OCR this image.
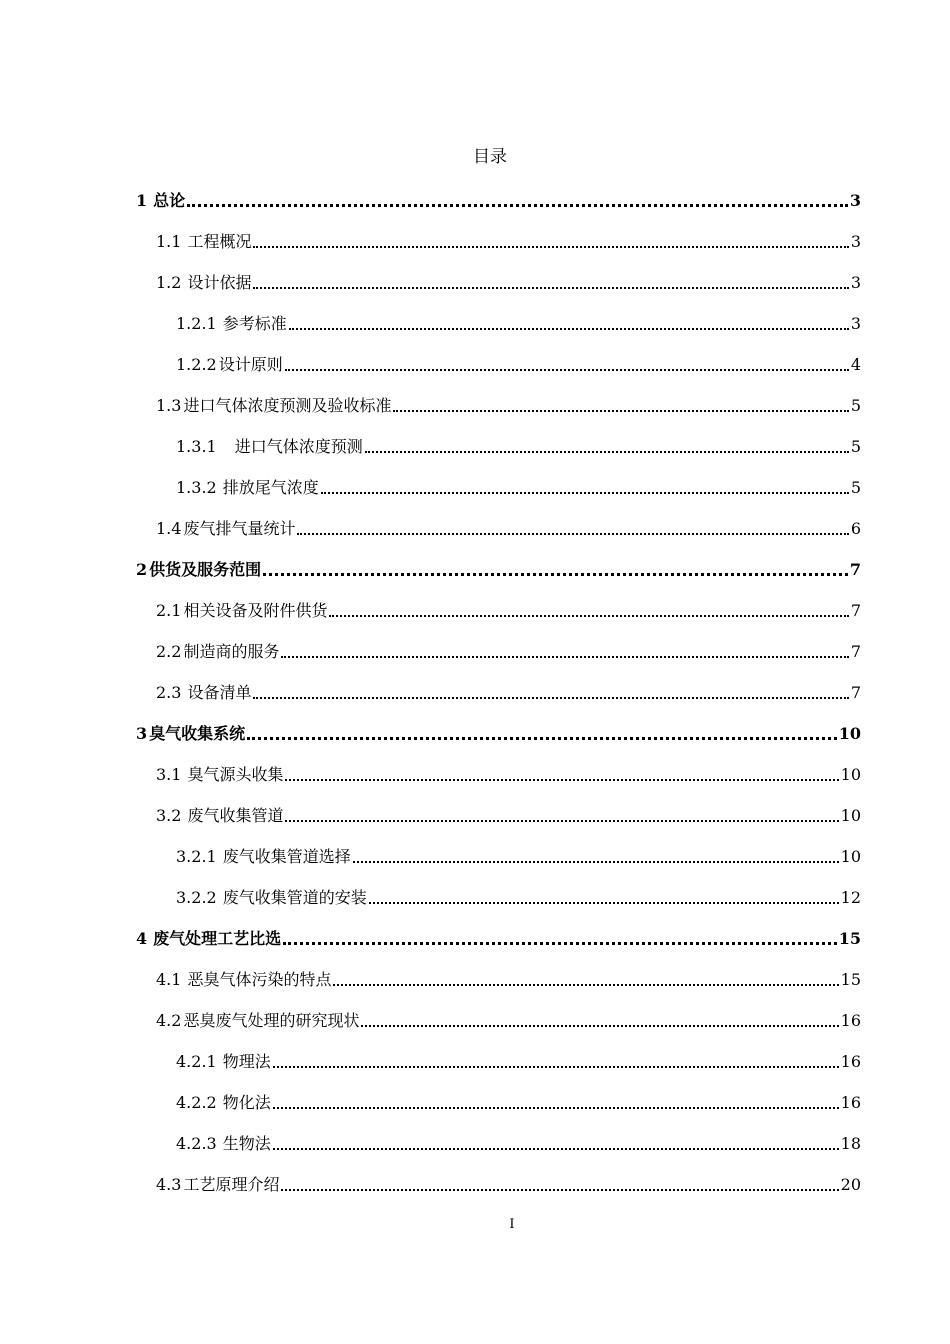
目录
1 总论	3
1.1 工程概况	3
1.2 设计依据	3
1.2.1 参考标准	3
1.2.2 设计原则	4
1.3 进口气体浓度预测及验收标准	5
1.3.1 进口气体浓度预测	5
1.3.2 排放尾气浓度	5
1.4 废气排气量统计	6
2 供货及服务范围	7
2.1 相关设备及附件供货	7
2.2 制造商的服务	7
2.3 设备清单	7
3 臭气收集系统	10
3.1 臭气源头收集	10
3.2 废气收集管道	10
3.2.1 废气收集管道选择	10
3.2.2 废气收集管道的安装	12
4 废气处理工艺比选	15
4.1 恶臭气体污染的特点	15
4.2 恶臭废气处理的研究现状	16
4.2.1 物理法	16
4.2.2 物化法	16
4.2.3 生物法	18
4.3 工艺原理介绍	20
I
